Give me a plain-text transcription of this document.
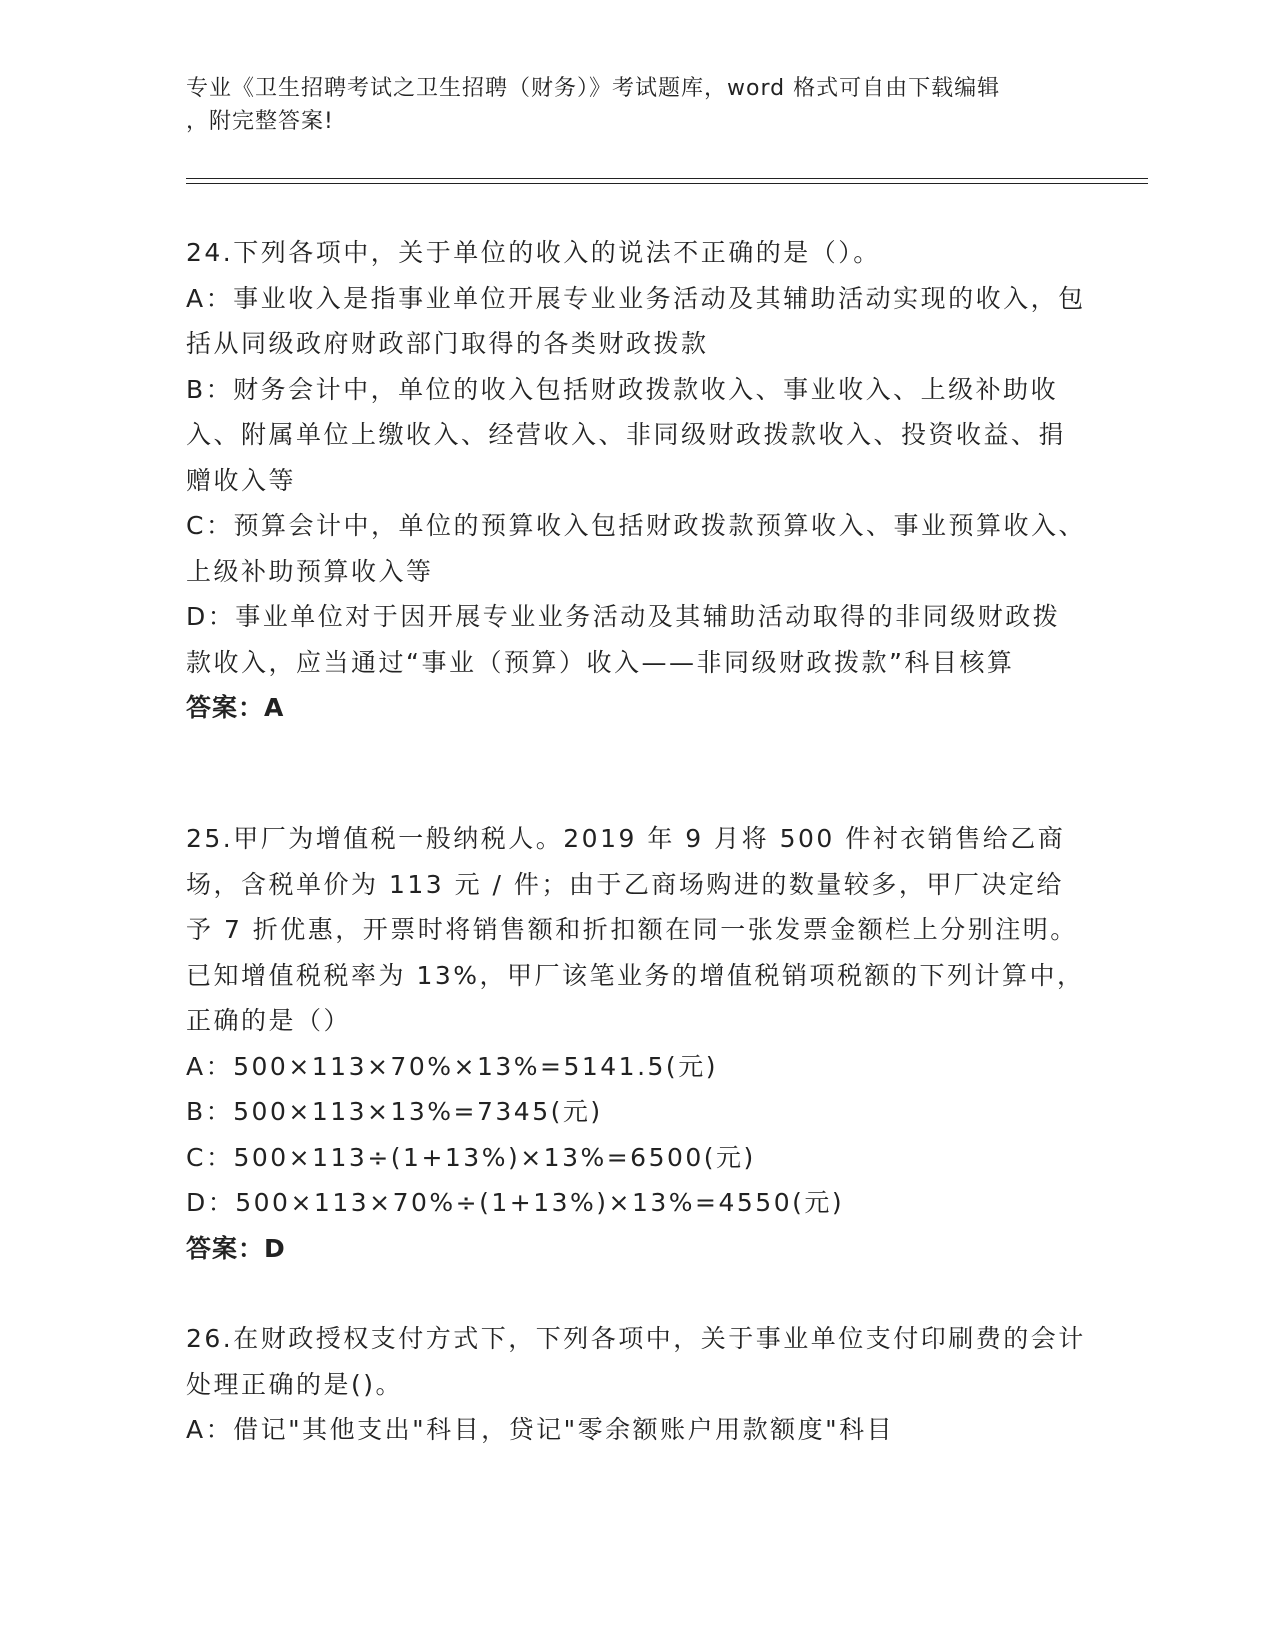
专业《卫生招聘考试之卫生招聘（财务）》考试题库，word 格式可自由下载编辑
，附完整答案!

24.下列各项中，关于单位的收入的说法不正确的是（）。

A：事业收入是指事业单位开展专业业务活动及其辅助活动实现的收入，包括从同级政府财政部门取得的各类财政拨款

B：财务会计中，单位的收入包括财政拨款收入、事业收入、上级补助收入、附属单位上缴收入、经营收入、非同级财政拨款收入、投资收益、捐赠收入等

C：预算会计中，单位的预算收入包括财政拨款预算收入、事业预算收入、上级补助预算收入等

D：事业单位对于因开展专业业务活动及其辅助活动取得的非同级财政拨款收入，应当通过“事业（预算）收入——非同级财政拨款”科目核算

答案：A

25.甲厂为增值税一般纳税人。2019 年 9 月将 500 件衬衣销售给乙商场，含税单价为 113 元 / 件；由于乙商场购进的数量较多，甲厂决定给予 7 折优惠，开票时将销售额和折扣额在同一张发票金额栏上分别注明。已知增值税税率为 13%，甲厂该笔业务的增值税销项税额的下列计算中，正确的是（）

A：500×113×70%×13%=5141.5(元)

B：500×113×13%=7345(元)

C：500×113÷(1+13%)×13%=6500(元)

D：500×113×70%÷(1+13%)×13%=4550(元)

答案：D

26.在财政授权支付方式下，下列各项中，关于事业单位支付印刷费的会计处理正确的是()。

A：借记"其他支出"科目，贷记"零余额账户用款额度"科目
